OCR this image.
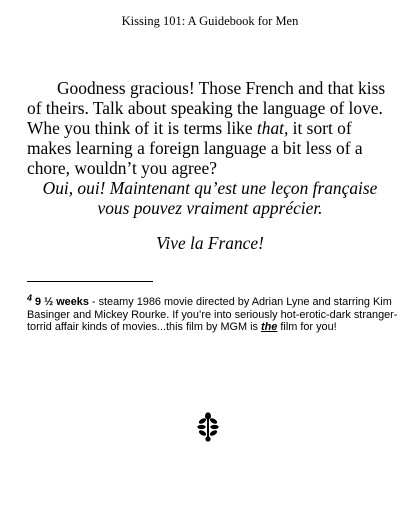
Kissing 101: A Guidebook for Men

Goodness gracious! Those French and that kiss of theirs. Talk about speaking the language of love. Whe you think of it is terms like that, it sort of makes learning a foreign language a bit less of a chore, wouldn’t you agree?

Oui, oui! Maintenant qu’est une leçon française
vous pouvez vraiment apprécier.
Vive la France!
$^4$ 9 ½ weeks - steamy 1986 movie directed by Adrian Lyne and starring Kim Basinger and Mickey Rourke. If you’re into seriously hot-erotic-dark stranger-torrid affair kinds of movies...this film by MGM is the film for you!
